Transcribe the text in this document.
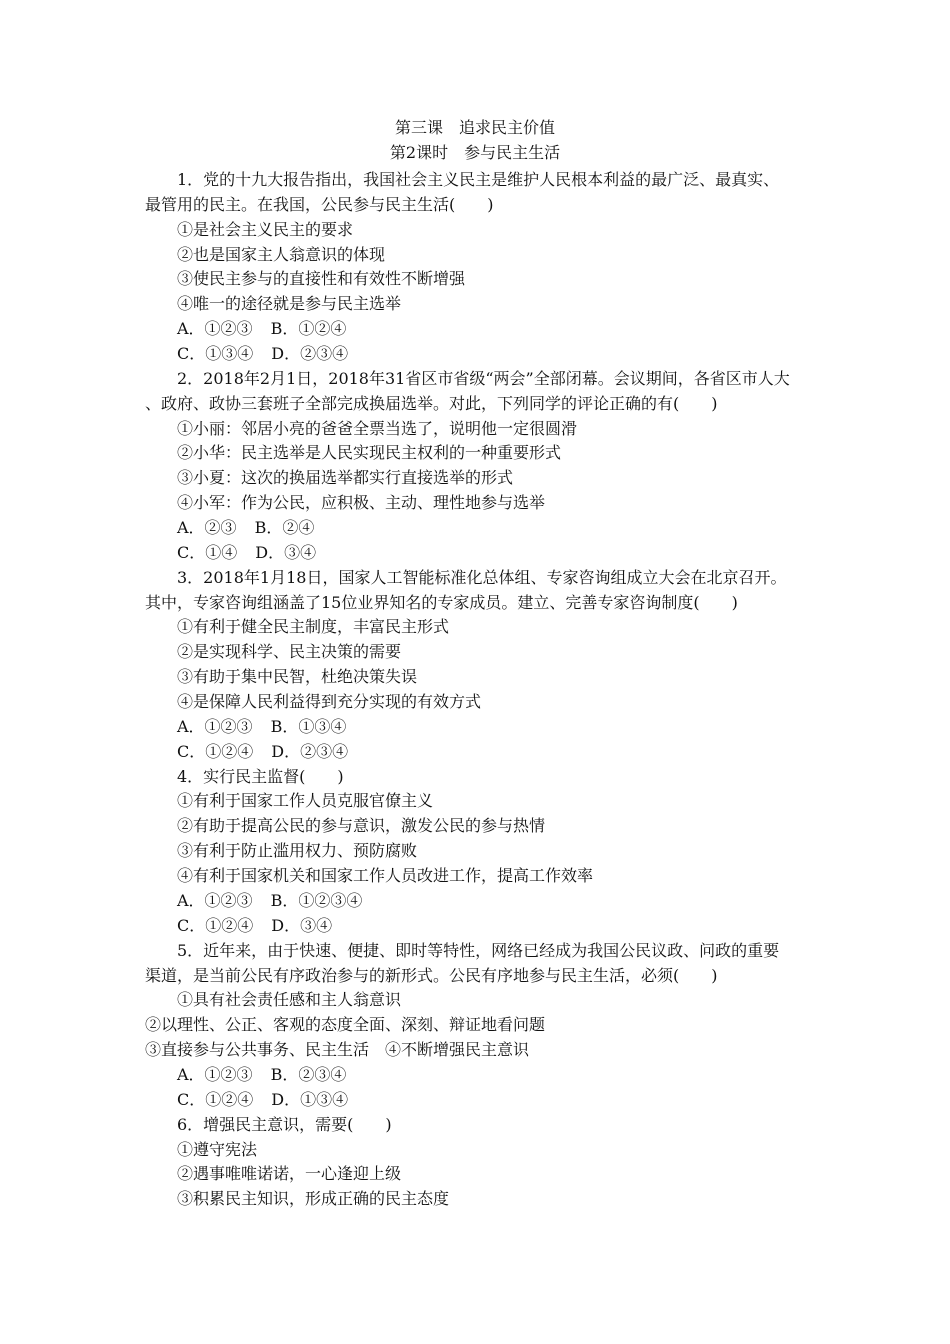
第三课　追求民主价值
第2课时　参与民主生活
1．党的十九大报告指出，我国社会主义民主是维护人民根本利益的最广泛、最真实、
最管用的民主。在我国，公民参与民主生活(　　)
①是社会主义民主的要求
②也是国家主人翁意识的体现
③使民主参与的直接性和有效性不断增强
④唯一的途径就是参与民主选举
A．①②③ B．①②④
C．①③④ D．②③④
2．2018年2月1日，2018年31省区市省级“两会”全部闭幕。会议期间，各省区市人大
、政府、政协三套班子全部完成换届选举。对此，下列同学的评论正确的有(　　)
①小丽：邻居小亮的爸爸全票当选了，说明他一定很圆滑
②小华：民主选举是人民实现民主权利的一种重要形式
③小夏：这次的换届选举都实行直接选举的形式
④小军：作为公民，应积极、主动、理性地参与选举
A．②③ B．②④
C．①④ D．③④
3．2018年1月18日，国家人工智能标准化总体组、专家咨询组成立大会在北京召开。
其中，专家咨询组涵盖了15位业界知名的专家成员。建立、完善专家咨询制度(　　)
①有利于健全民主制度，丰富民主形式
②是实现科学、民主决策的需要
③有助于集中民智，杜绝决策失误
④是保障人民利益得到充分实现的有效方式
A．①②③ B．①③④
C．①②④ D．②③④
4．实行民主监督(　　)
①有利于国家工作人员克服官僚主义
②有助于提高公民的参与意识，激发公民的参与热情
③有利于防止滥用权力、预防腐败
④有利于国家机关和国家工作人员改进工作，提高工作效率
A．①②③ B．①②③④
C．①②④ D．③④
5．近年来，由于快速、便捷、即时等特性，网络已经成为我国公民议政、问政的重要
渠道，是当前公民有序政治参与的新形式。公民有序地参与民主生活，必须(　　)
①具有社会责任感和主人翁意识
②以理性、公正、客观的态度全面、深刻、辩证地看问题
③直接参与公共事务、民主生活　④不断增强民主意识
A．①②③ B．②③④
C．①②④ D．①③④
6．增强民主意识，需要(　　)
①遵守宪法
②遇事唯唯诺诺，一心逢迎上级
③积累民主知识，形成正确的民主态度
